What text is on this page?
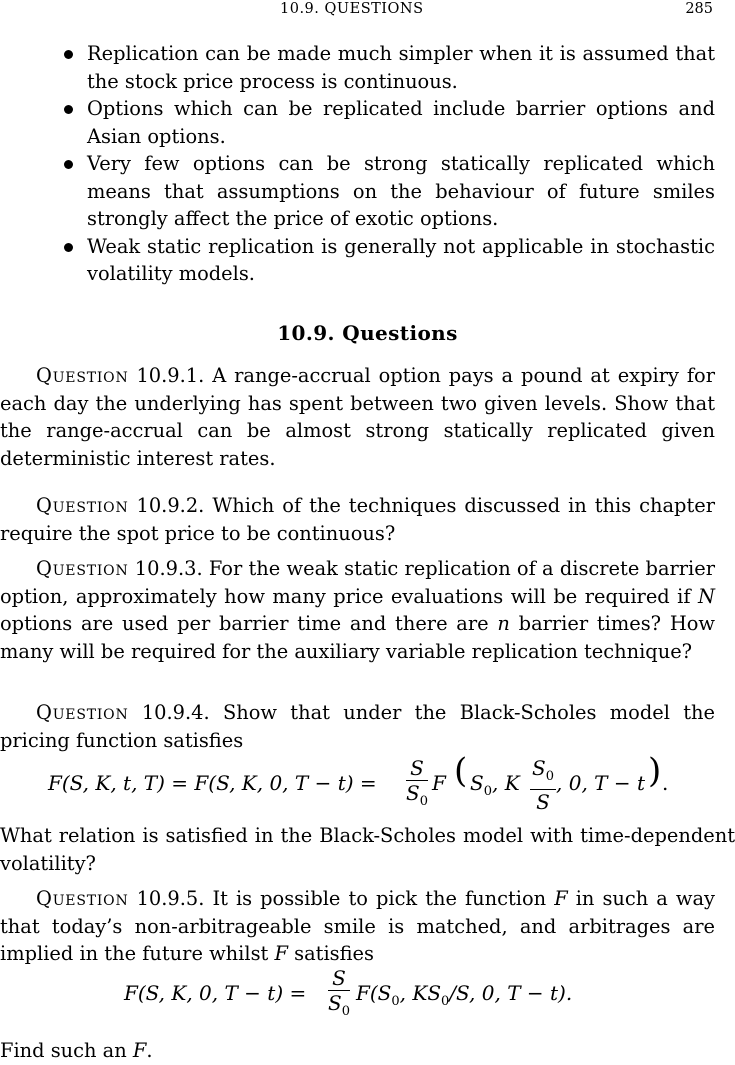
10.9. QUESTIONS	285
Replication can be made much simpler when it is assumed that the stock price process is continuous.
Options which can be replicated include barrier options and Asian options.
Very few options can be strong statically replicated which means that assumptions on the behaviour of future smiles strongly affect the price of exotic options.
Weak static replication is generally not applicable in stochastic volatility models.
10.9. Questions

Question 10.9.1. A range-accrual option pays a pound at expiry for each day the underlying has spent between two given levels. Show that the range-accrual can be almost strong statically replicated given deterministic interest rates.

Question 10.9.2. Which of the techniques discussed in this chapter require the spot price to be continuous?

Question 10.9.3. For the weak static replication of a discrete barrier option, approximately how many price evaluations will be required if N options are used per barrier time and there are n barrier times? How many will be required for the auxiliary variable replication technique?

Question 10.9.4. Show that under the Black-Scholes model the pricing function satisfies

F(S, K, t, T) = F(S, K, 0, $T - t) = \frac{S}{S_0}$ F ( $S_0$, K $\frac{S_0}{S}$ , 0, T − t ) .

What relation is satisfied in the Black-Scholes model with time-dependent volatility?

Question 10.9.5. It is possible to pick the function F in such a way that today’s non-arbitrageable smile is matched, and arbitrages are implied in the future whilst F satisfies

F(S, K, 0, $T - t) = \frac{S}{S_0} F(S_0$, $KS_0/S$, 0, T − t).

Find such an F.
